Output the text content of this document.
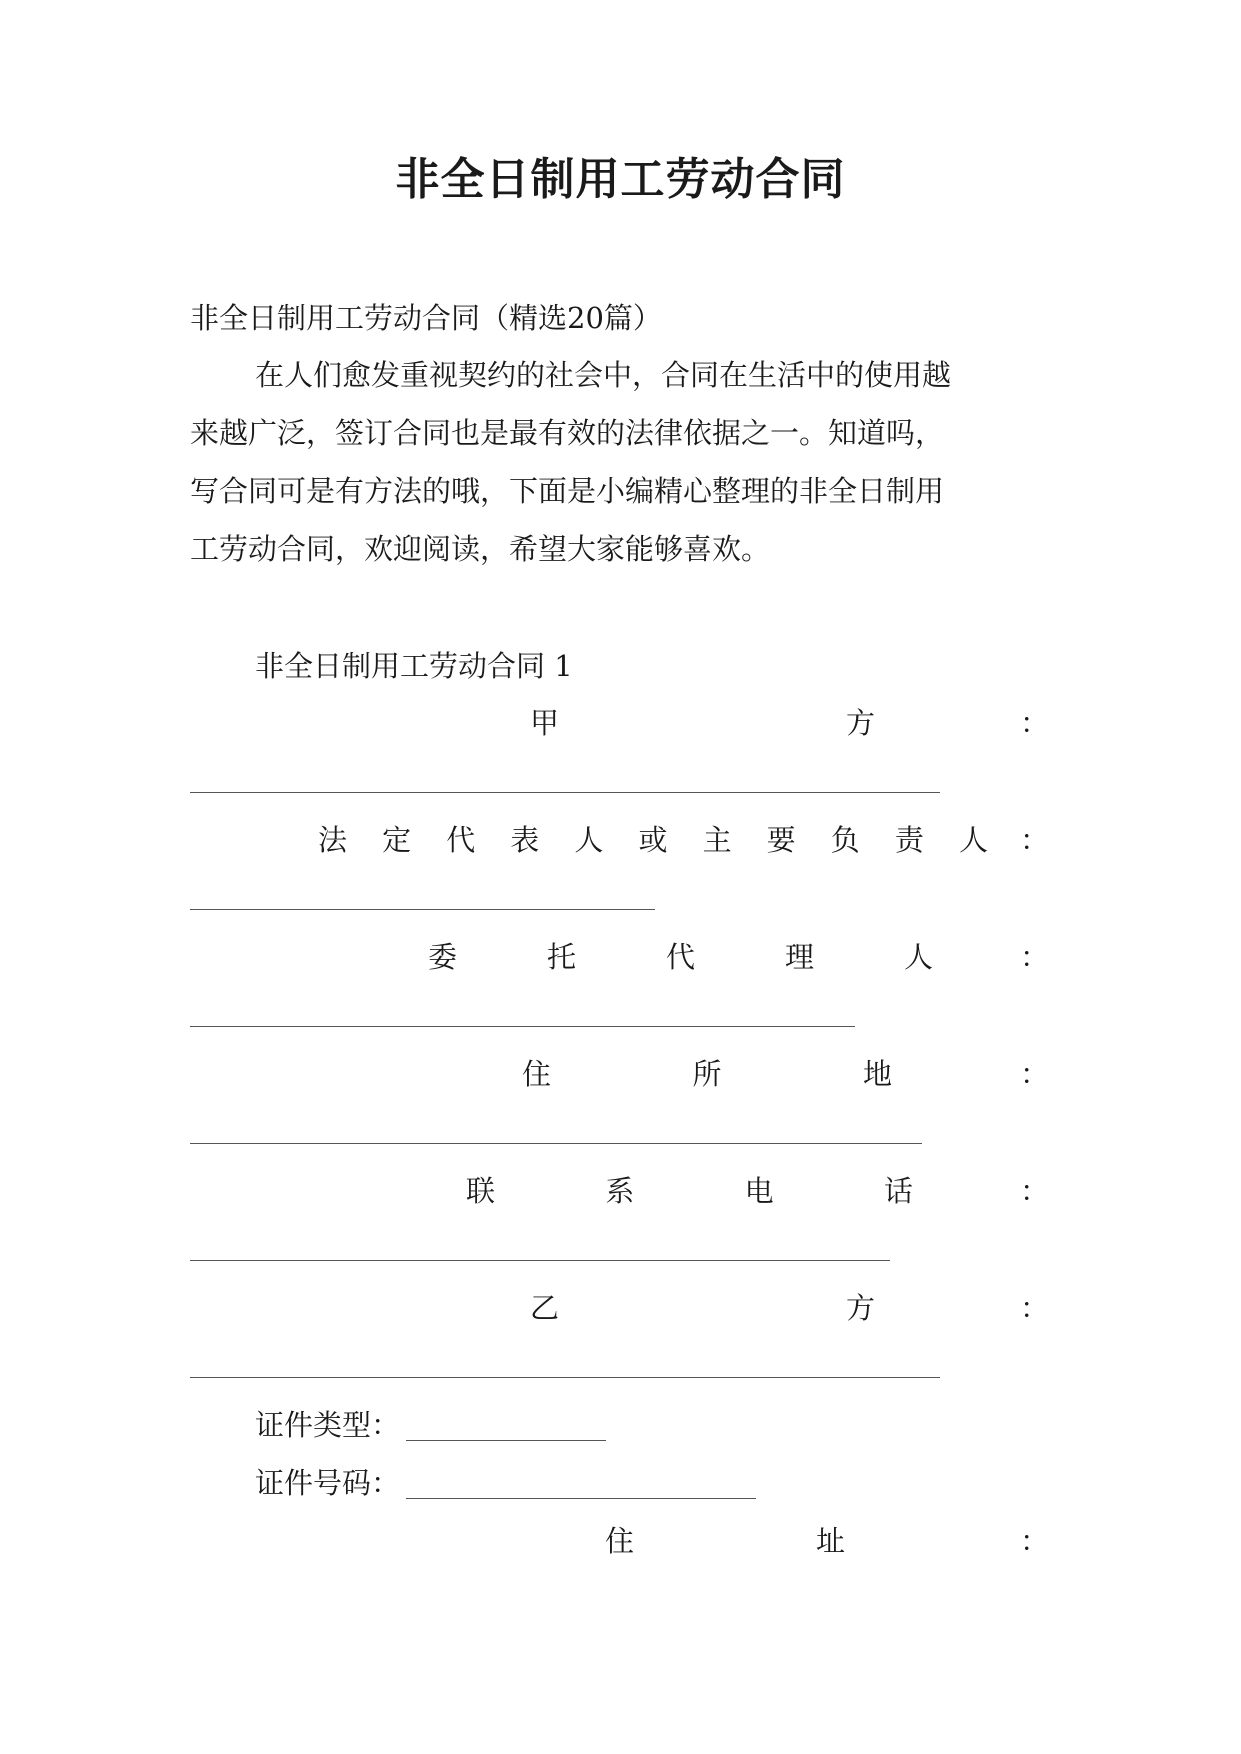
非全日制用工劳动合同
非全日制用工劳动合同（精选20篇）
在人们愈发重视契约的社会中，合同在生活中的使用越
来越广泛，签订合同也是最有效的法律依据之一。知道吗，
写合同可是有方法的哦，下面是小编精心整理的非全日制用
工劳动合同，欢迎阅读，希望大家能够喜欢。
非全日制用工劳动合同 1
甲	方	：
法 定 代 表 人 或 主 要 负 责 人 ：
委	托	代	理	人	：
住	所	地	：
联	系	电	话	：
乙	方	：
证件类型：
证件号码：
住	址	：
